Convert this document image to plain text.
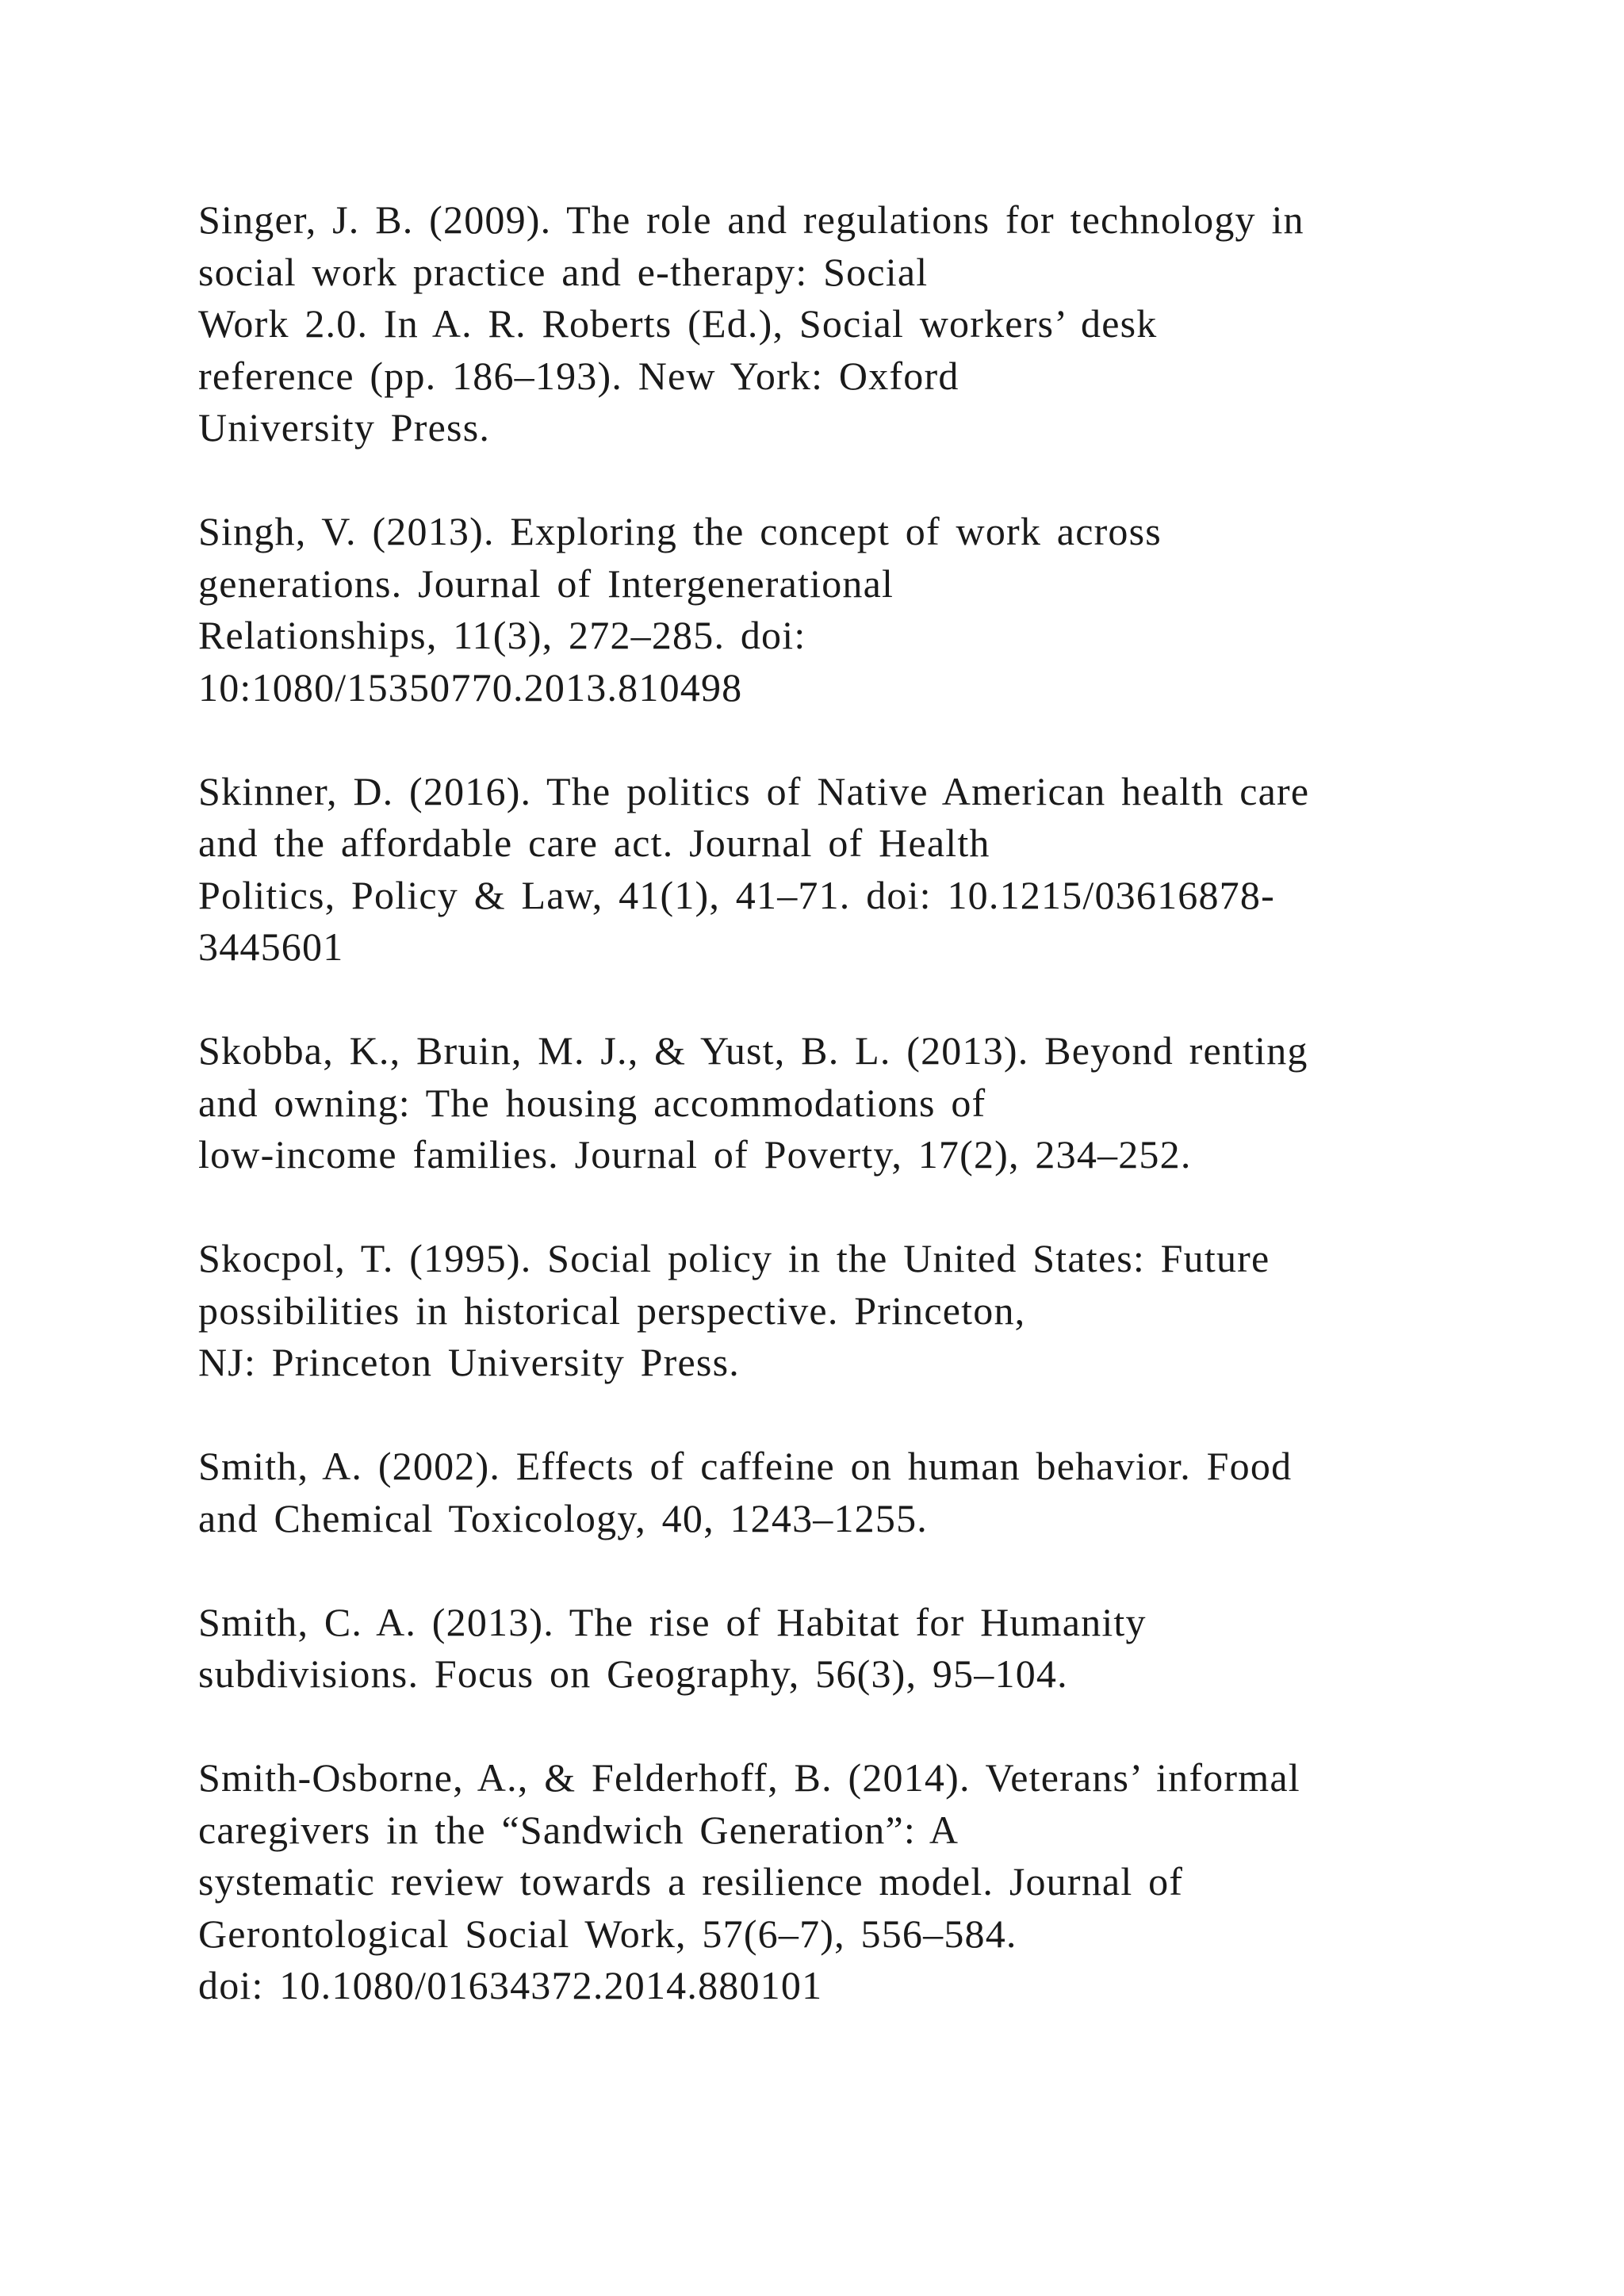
Singer, J. B. (2009). The role and regulations for technology in
social work practice and e-therapy: Social
Work 2.0. In A. R. Roberts (Ed.), Social workers’ desk
reference (pp. 186–193). New York: Oxford
University Press.
Singh, V. (2013). Exploring the concept of work across
generations. Journal of Intergenerational
Relationships, 11(3), 272–285. doi:
10:1080/15350770.2013.810498
Skinner, D. (2016). The politics of Native American health care
and the affordable care act. Journal of Health
Politics, Policy & Law, 41(1), 41–71. doi: 10.1215/03616878-
3445601
Skobba, K., Bruin, M. J., & Yust, B. L. (2013). Beyond renting
and owning: The housing accommodations of
low-income families. Journal of Poverty, 17(2), 234–252.
Skocpol, T. (1995). Social policy in the United States: Future
possibilities in historical perspective. Princeton,
NJ: Princeton University Press.
Smith, A. (2002). Effects of caffeine on human behavior. Food
and Chemical Toxicology, 40, 1243–1255.
Smith, C. A. (2013). The rise of Habitat for Humanity
subdivisions. Focus on Geography, 56(3), 95–104.
Smith-Osborne, A., & Felderhoff, B. (2014). Veterans’ informal
caregivers in the “Sandwich Generation”: A
systematic review towards a resilience model. Journal of
Gerontological Social Work, 57(6–7), 556–584.
doi: 10.1080/01634372.2014.880101
